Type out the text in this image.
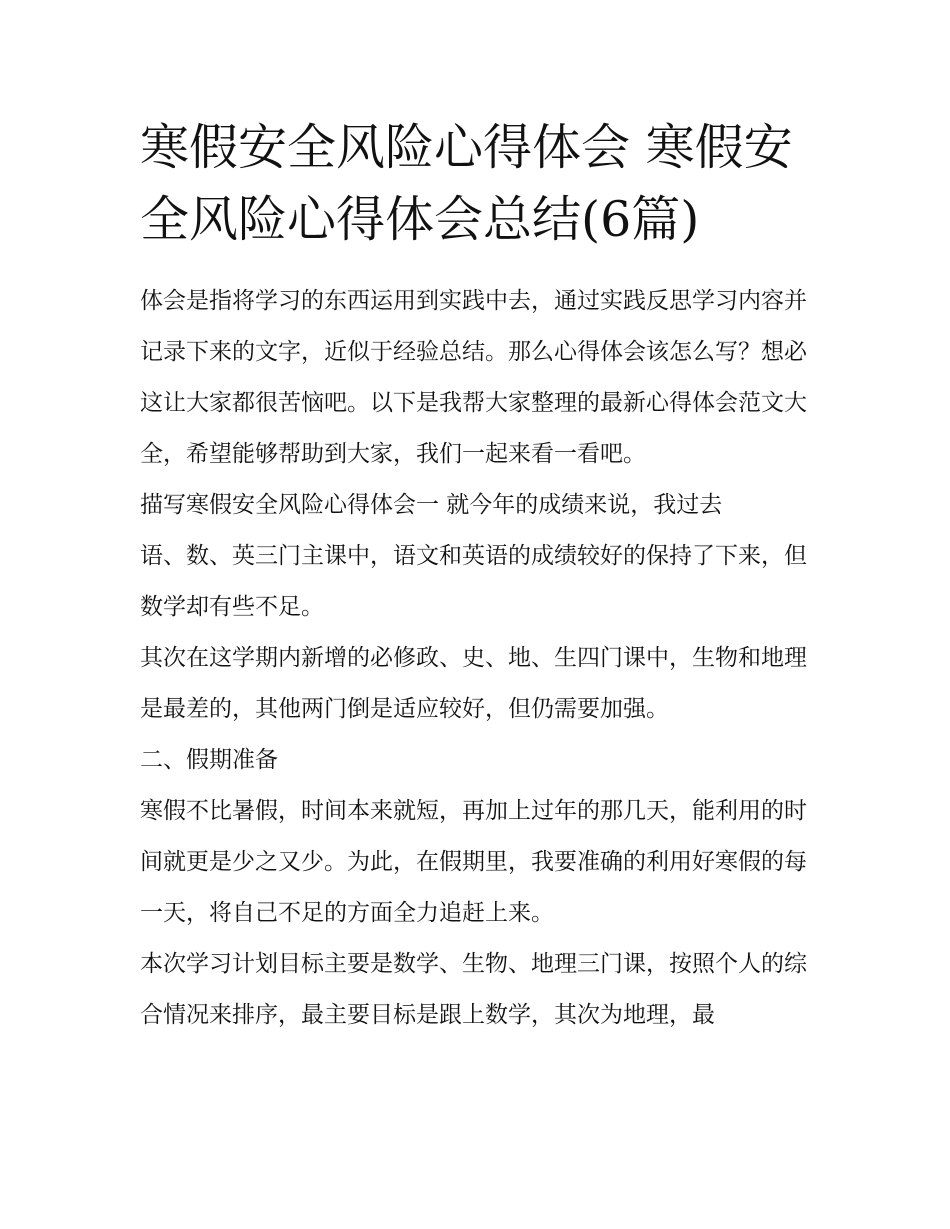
寒假安全风险心得体会 寒假安全风险心得体会总结(6篇)

体会是指将学习的东西运用到实践中去，通过实践反思学习内容并记录下来的文字，近似于经验总结。那么心得体会该怎么写？想必这让大家都很苦恼吧。以下是我帮大家整理的最新心得体会范文大全，希望能够帮助到大家，我们一起来看一看吧。

描写寒假安全风险心得体会一 就今年的成绩来说，我过去

语、数、英三门主课中，语文和英语的成绩较好的保持了下来，但数学却有些不足。

其次在这学期内新增的必修政、史、地、生四门课中，生物和地理是最差的，其他两门倒是适应较好，但仍需要加强。

二、假期准备

寒假不比暑假，时间本来就短，再加上过年的那几天，能利用的时间就更是少之又少。为此，在假期里，我要准确的利用好寒假的每一天，将自己不足的方面全力追赶上来。

本次学习计划目标主要是数学、生物、地理三门课，按照个人的综合情况来排序，最主要目标是跟上数学，其次为地理，最
